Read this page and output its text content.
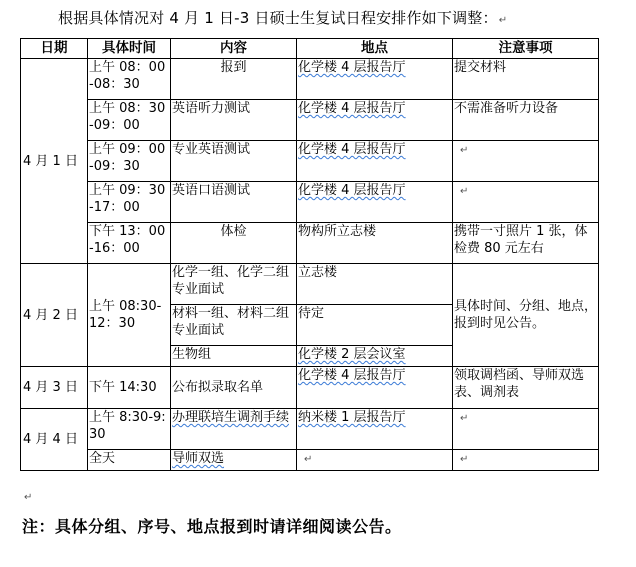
根据具体情况对 4 月 1 日-3 日硕士生复试日程安排作如下调整：↵
日期	具体时间	内容	地点	注意事项
4 月 1 日	上午 08：00-08：30	报到	化学楼 4 层报告厅	提交材料
	上午 08：30-09：00	英语听力测试	化学楼 4 层报告厅	不需准备听力设备
	上午 09：00-09：30	专业英语测试	化学楼 4 层报告厅	↵
	上午 09：30-17：00	英语口语测试	化学楼 4 层报告厅	↵
	下午 13：00-16：00	体检	物构所立志楼	携带一寸照片 1 张，体检费 80 元左右
4 月 2 日	上午 08:30-12：30	化学一组、化学二组专业面试	立志楼	具体时间、分组、地点，报到时见公告。
		材料一组、材料二组专业面试	待定	
		生物组	化学楼 2 层会议室	
4 月 3 日	下午 14:30	公布拟录取名单	化学楼 4 层报告厅	领取调档函、导师双选表、调剂表
4 月 4 日	上午 8:30-9:30	办理联培生调剂手续	纳米楼 1 层报告厅	↵
	全天	导师双选	↵	↵
↵
注：具体分组、序号、地点报到时请详细阅读公告。
